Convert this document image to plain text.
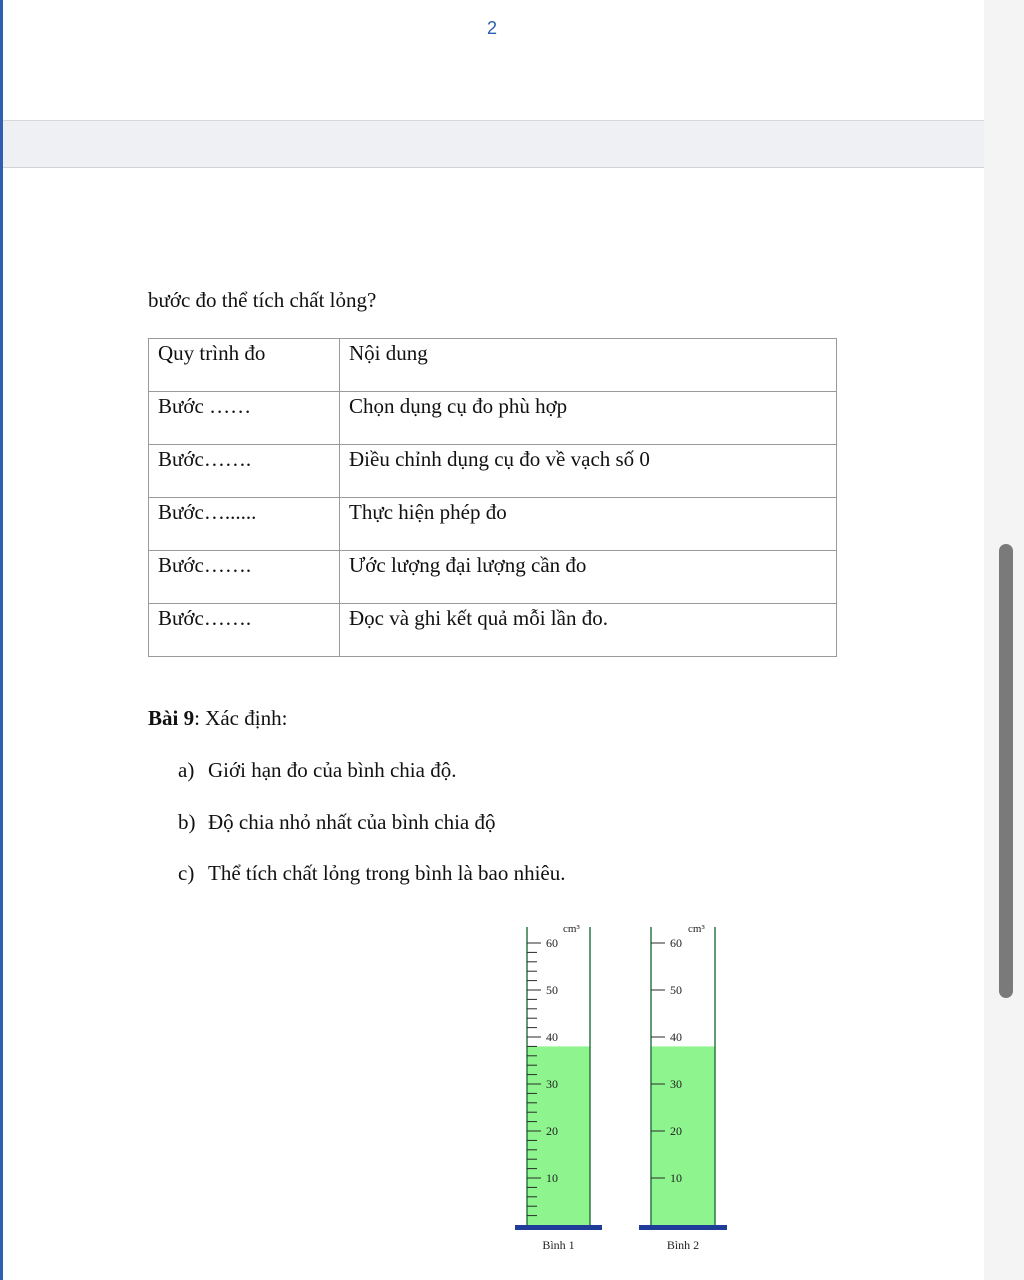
2
bước đo thể tích chất lỏng?
Quy trình đo	Nội dung
Bước ……	Chọn dụng cụ đo phù hợp
Bước…….	Điều chỉnh dụng cụ đo về vạch số 0
Bước…......	Thực hiện phép đo
Bước…….	Ước lượng đại lượng cần đo
Bước…….	Đọc và ghi kết quả mỗi lần đo.
Bài 9: Xác định:
a) Giới hạn đo của bình chia độ.
b) Độ chia nhỏ nhất của bình chia độ
c) Thể tích chất lỏng trong bình là bao nhiêu.
60
50
40
30
20
10
cm³
Bình 1
60
50
40
30
20
10
cm³
Bình 2
